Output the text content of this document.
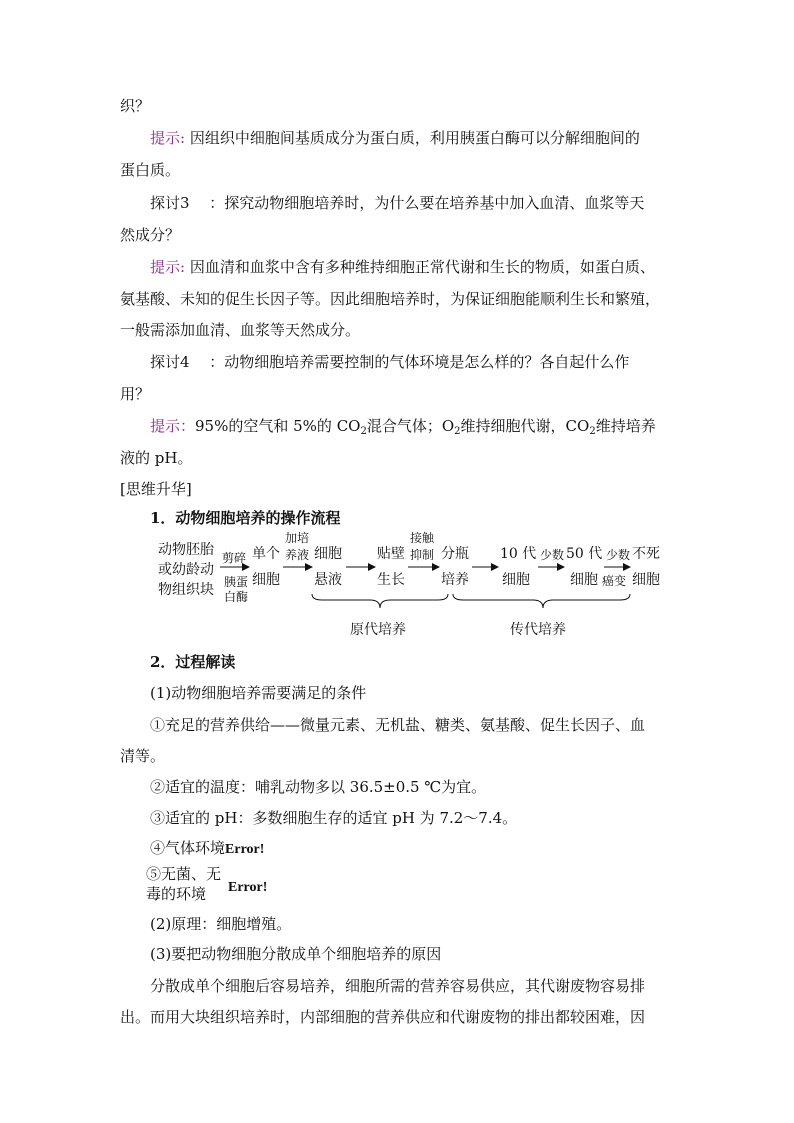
织？
提示: 因组织中细胞间基质成分为蛋白质，利用胰蛋白酶可以分解细胞间的
蛋白质。
探讨3　 ：探究动物细胞培养时，为什么要在培养基中加入血清、血浆等天
然成分？
提示: 因血清和血浆中含有多种维持细胞正常代谢和生长的物质，如蛋白质、
氨基酸、未知的促生长因子等。因此细胞培养时，为保证细胞能顺利生长和繁殖，
一般需添加血清、血浆等天然成分。
探讨4　 ：动物细胞培养需要控制的气体环境是怎么样的？各自起什么作
用？
提示：95%的空气和 5%的 $CO_2$混合气体；$O_2$维持细胞代谢，$CO_2$维持培养
液的 pH。
[思维升华]
1．动物细胞培养的操作流程
动物胚胎
或幼龄动
物组织块
单个
细胞
细胞
悬液
贴壁
生长
分瓶
培养
10 代
细胞
50 代
细胞
不死
细胞
剪碎
胰蛋
白酶
加培
养液
接触
抑制	少数	少数
癌变
原代培养	传代培养
2．过程解读
(1)动物细胞培养需要满足的条件
①充足的营养供给——微量元素、无机盐、糖类、氨基酸、促生长因子、血
清等。
②适宜的温度：哺乳动物多以 36.5±0.5 ℃为宜。
③适宜的 pH：多数细胞生存的适宜 pH 为 7.2～7.4。
④气体环境Error!
⑤无菌、无
毒的环境 Error!
(2)原理：细胞增殖。
(3)要把动物细胞分散成单个细胞培养的原因
分散成单个细胞后容易培养，细胞所需的营养容易供应，其代谢废物容易排
出。而用大块组织培养时，内部细胞的营养供应和代谢废物的排出都较困难，因
